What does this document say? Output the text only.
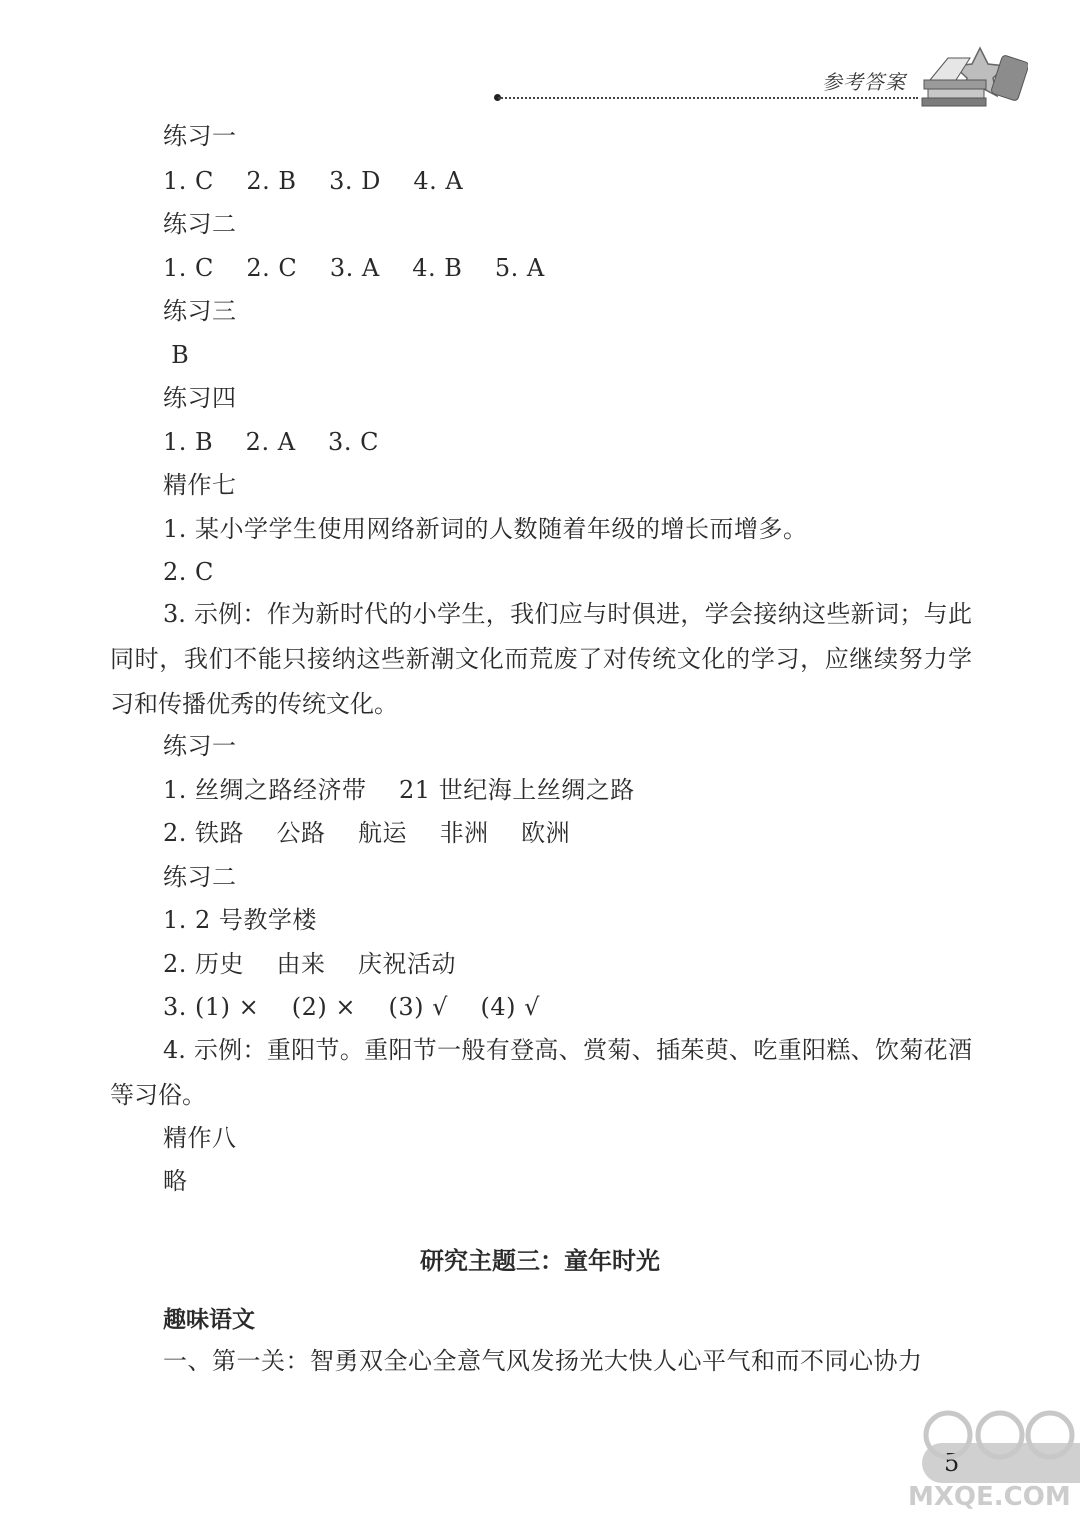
参考答案
练习一
1. C    2. B    3. D    4. A
练习二
1. C    2. C    3. A    4. B    5. A
练习三
B
练习四
1. B    2. A    3. C
精作七
1. 某小学学生使用网络新词的人数随着年级的增长而增多。
2. C

3. 示例：作为新时代的小学生，我们应与时俱进，学会接纳这些新词；与此同时，我们不能只接纳这些新潮文化而荒废了对传统文化的学习，应继续努力学习和传播优秀的传统文化。

练习一
1. 丝绸之路经济带    21 世纪海上丝绸之路
2. 铁路    公路    航运    非洲    欧洲
练习二
1. 2 号教学楼
2. 历史    由来    庆祝活动
3. (1) ×    (2) ×    (3) √    (4) √

4. 示例：重阳节。重阳节一般有登高、赏菊、插茱萸、吃重阳糕、饮菊花酒等习俗。

精作八
略
研究主题三：童年时光
趣味语文
一、第一关：智勇双全心全意气风发扬光大快人心平气和而不同心协力
5
MXQE.COM
